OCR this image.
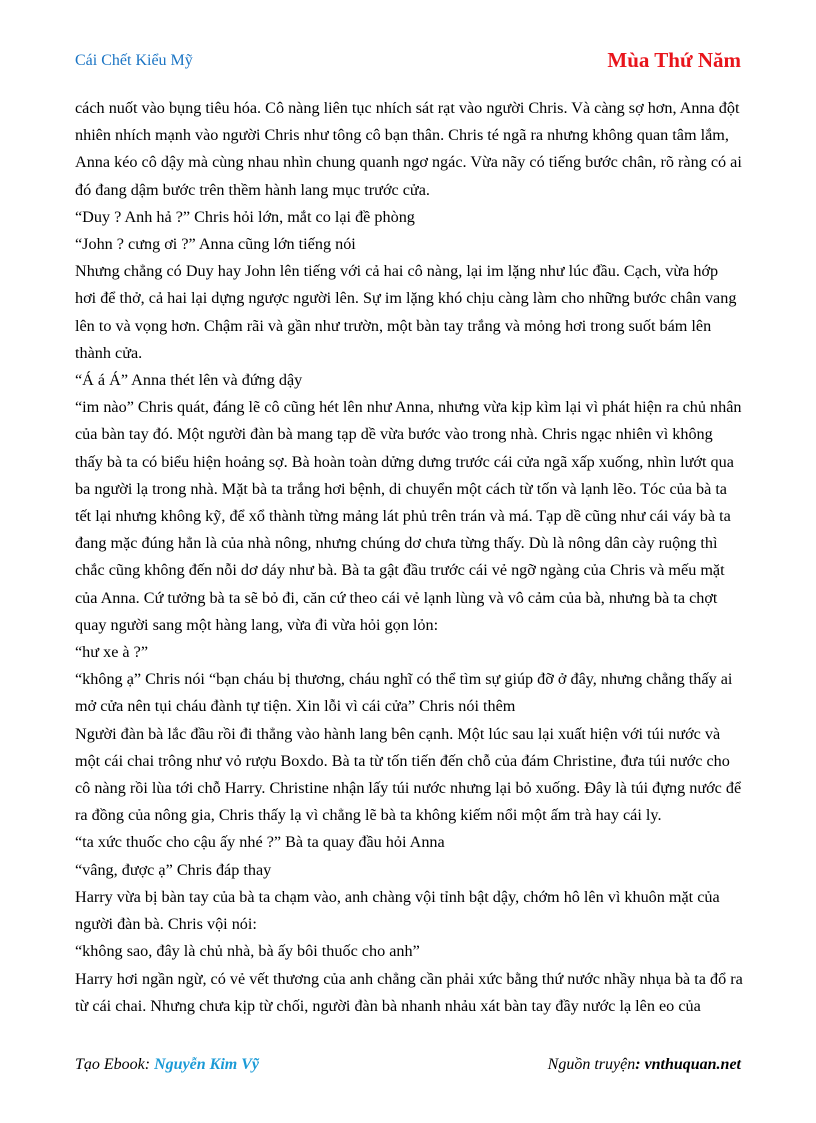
Cái Chết Kiểu Mỹ	Mùa Thứ Năm

cách nuốt vào bụng tiêu hóa. Cô nàng liên tục nhích sát rạt vào người Chris. Và càng sợ hơn, Anna đột nhiên nhích mạnh vào người Chris như tông cô bạn thân. Chris té ngã ra nhưng không quan tâm lắm, Anna kéo cô dậy mà cùng nhau nhìn chung quanh ngơ ngác. Vừa nãy có tiếng bước chân, rõ ràng có ai đó đang dậm bước trên thềm hành lang mục trước cửa.

“Duy ? Anh hả ?” Chris hỏi lớn, mắt co lại đề phòng

“John ? cưng ơi ?” Anna cũng lớn tiếng nói

Nhưng chẳng có Duy hay John lên tiếng với cả hai cô nàng, lại im lặng như lúc đầu. Cạch, vừa hớp hơi để thở, cả hai lại dựng ngược người lên. Sự im lặng khó chịu càng làm cho những bước chân vang lên to và vọng hơn. Chậm rãi và gần như trườn, một bàn tay trắng và mỏng hơi trong suốt bám lên thành cửa.

“Á á Á” Anna thét lên và đứng dậy

“im nào” Chris quát, đáng lẽ cô cũng hét lên như Anna, nhưng vừa kịp kìm lại vì phát hiện ra chủ nhân của bàn tay đó. Một người đàn bà mang tạp dề vừa bước vào trong nhà. Chris ngạc nhiên vì không thấy bà ta có biểu hiện hoảng sợ. Bà hoàn toàn dửng dưng trước cái cửa ngã xấp xuống, nhìn lướt qua ba người lạ trong nhà. Mặt bà ta trắng hơi bệnh, di chuyển một cách từ tốn và lạnh lẽo. Tóc của bà ta tết lại nhưng không kỹ, để xổ thành từng mảng lát phủ trên trán và má. Tạp dề cũng như cái váy bà ta đang mặc đúng hẳn là của nhà nông, nhưng chúng dơ chưa từng thấy. Dù là nông dân cày ruộng thì chắc cũng không đến nỗi dơ dáy như bà. Bà ta gật đầu trước cái vẻ ngỡ ngàng của Chris và mếu mặt của Anna. Cứ tưởng bà ta sẽ bỏ đi, căn cứ theo cái vẻ lạnh lùng và vô cảm của bà, nhưng bà ta chợt quay người sang một hàng lang, vừa đi vừa hỏi gọn lỏn:

“hư xe à ?”

“không ạ” Chris nói “bạn cháu bị thương, cháu nghĩ có thể tìm sự giúp đỡ ở đây, nhưng chẳng thấy ai mở cửa nên tụi cháu đành tự tiện. Xin lỗi vì cái cửa” Chris nói thêm

Người đàn bà lắc đầu rồi đi thẳng vào hành lang bên cạnh. Một lúc sau lại xuất hiện với túi nước và một cái chai trông như vỏ rượu Boxdo. Bà ta từ tốn tiến đến chỗ của đám Christine, đưa túi nước cho cô nàng rồi lùa tới chỗ Harry. Christine nhận lấy túi nước nhưng lại bỏ xuống. Đây là túi đựng nước để ra đồng của nông gia, Chris thấy lạ vì chẳng lẽ bà ta không kiếm nổi một ấm trà hay cái ly.

“ta xức thuốc cho cậu ấy nhé ?” Bà ta quay đầu hỏi Anna

“vâng, được ạ” Chris đáp thay

Harry vừa bị bàn tay của bà ta chạm vào, anh chàng vội tỉnh bật dậy, chớm hô lên vì khuôn mặt của người đàn bà. Chris vội nói:

“không sao, đây là chủ nhà, bà ấy bôi thuốc cho anh”

Harry hơi ngần ngừ, có vẻ vết thương của anh chẳng cần phải xức bằng thứ nước nhầy nhụa bà ta đổ ra từ cái chai. Nhưng chưa kịp từ chối, người đàn bà nhanh nhảu xát bàn tay đầy nước lạ lên eo của

Tạo Ebook: Nguyễn Kim Vỹ	Nguồn truyện: vnthuquan.net
